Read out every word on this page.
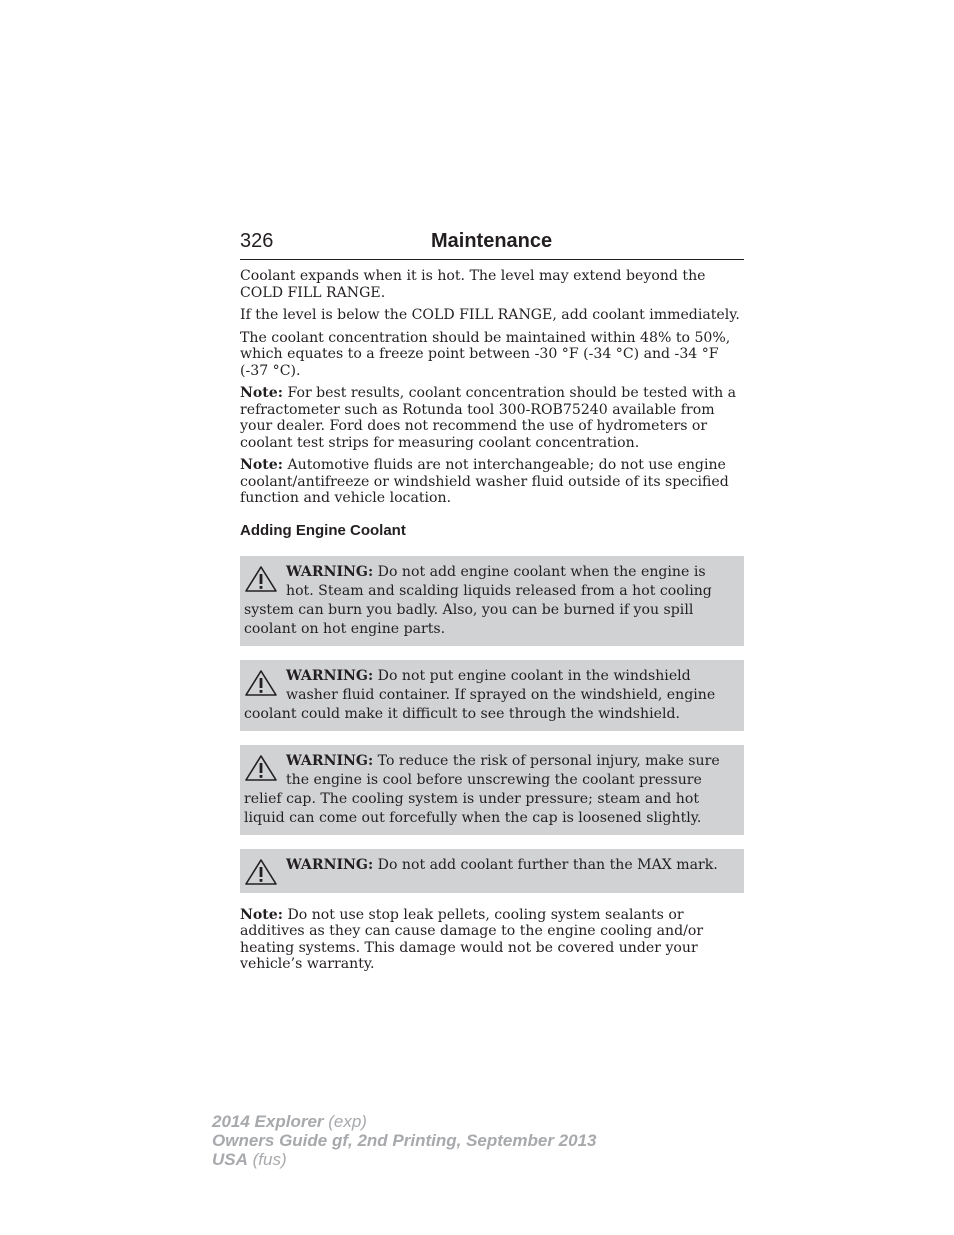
326	Maintenance

Coolant expands when it is hot. The level may extend beyond the COLD FILL RANGE.

If the level is below the COLD FILL RANGE, add coolant immediately.

The coolant concentration should be maintained within 48% to 50%, which equates to a freeze point between -30 °F (-34 °C) and -34 °F (-37 °C).

Note: For best results, coolant concentration should be tested with a refractometer such as Rotunda tool 300-ROB75240 available from your dealer. Ford does not recommend the use of hydrometers or coolant test strips for measuring coolant concentration.

Note: Automotive fluids are not interchangeable; do not use engine coolant/antifreeze or windshield washer fluid outside of its specified function and vehicle location.

Adding Engine Coolant
WARNING: Do not add engine coolant when the engine is hot. Steam and scalding liquids released from a hot cooling system can burn you badly. Also, you can be burned if you spill coolant on hot engine parts.
WARNING: Do not put engine coolant in the windshield washer fluid container. If sprayed on the windshield, engine coolant could make it difficult to see through the windshield.
WARNING: To reduce the risk of personal injury, make sure the engine is cool before unscrewing the coolant pressure relief cap. The cooling system is under pressure; steam and hot liquid can come out forcefully when the cap is loosened slightly.
WARNING: Do not add coolant further than the MAX mark.

Note: Do not use stop leak pellets, cooling system sealants or additives as they can cause damage to the engine cooling and/or heating systems. This damage would not be covered under your vehicle’s warranty.

2014 Explorer (exp)
Owners Guide gf, 2nd Printing, September 2013
USA (fus)
